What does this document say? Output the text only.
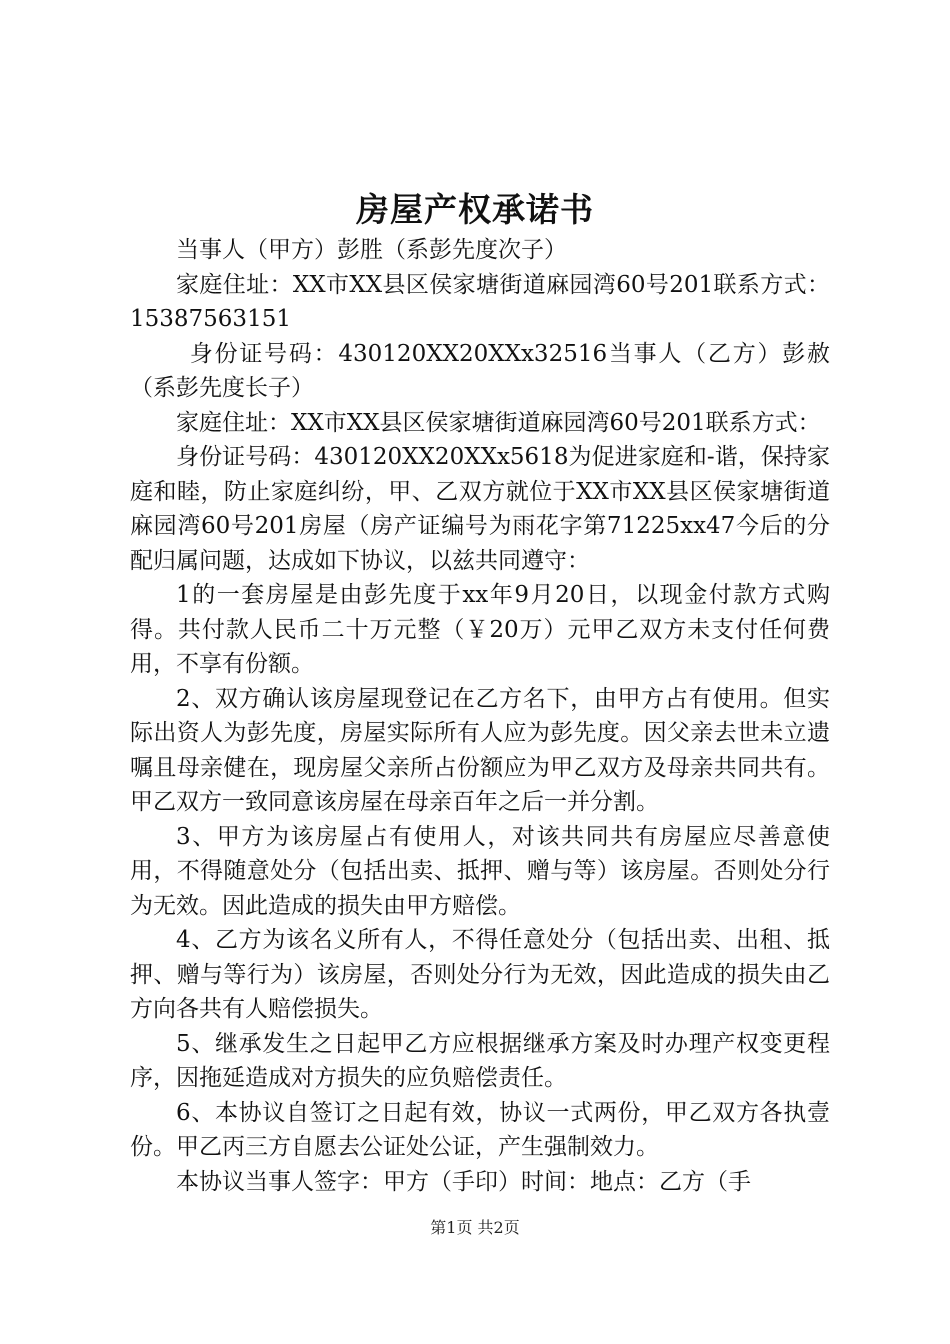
房屋产权承诺书

当事人（甲方）彭胜（系彭先度次子）

家庭住址：XX市XX县区侯家塘街道麻园湾60号201联系方式：15387563151

身份证号码：430120XX20XXx32516当事人（乙方）彭赦（系彭先度长子）

家庭住址：XX市XX县区侯家塘街道麻园湾60号201联系方式：

身份证号码：430120XX20XXx5618为促进家庭和-谐，保持家庭和睦，防止家庭纠纷，甲、乙双方就位于XX市XX县区侯家塘街道麻园湾60号201房屋（房产证编号为雨花字第71225xx47今后的分配归属问题，达成如下协议，以兹共同遵守：

1的一套房屋是由彭先度于xx年9月20日，以现金付款方式购得。共付款人民币二十万元整（￥20万）元甲乙双方未支付任何费用，不享有份额。

2、双方确认该房屋现登记在乙方名下，由甲方占有使用。但实际出资人为彭先度，房屋实际所有人应为彭先度。因父亲去世未立遗嘱且母亲健在，现房屋父亲所占份额应为甲乙双方及母亲共同共有。甲乙双方一致同意该房屋在母亲百年之后一并分割。

3、甲方为该房屋占有使用人，对该共同共有房屋应尽善意使用，不得随意处分（包括出卖、抵押、赠与等）该房屋。否则处分行为无效。因此造成的损失由甲方赔偿。

4、乙方为该名义所有人，不得任意处分（包括出卖、出租、抵押、赠与等行为）该房屋，否则处分行为无效，因此造成的损失由乙方向各共有人赔偿损失。

5、继承发生之日起甲乙方应根据继承方案及时办理产权变更程序，因拖延造成对方损失的应负赔偿责任。

6、本协议自签订之日起有效，协议一式两份，甲乙双方各执壹份。甲乙丙三方自愿去公证处公证，产生强制效力。

本协议当事人签字：甲方（手印）时间：地点：乙方（手

第1页 共2页
